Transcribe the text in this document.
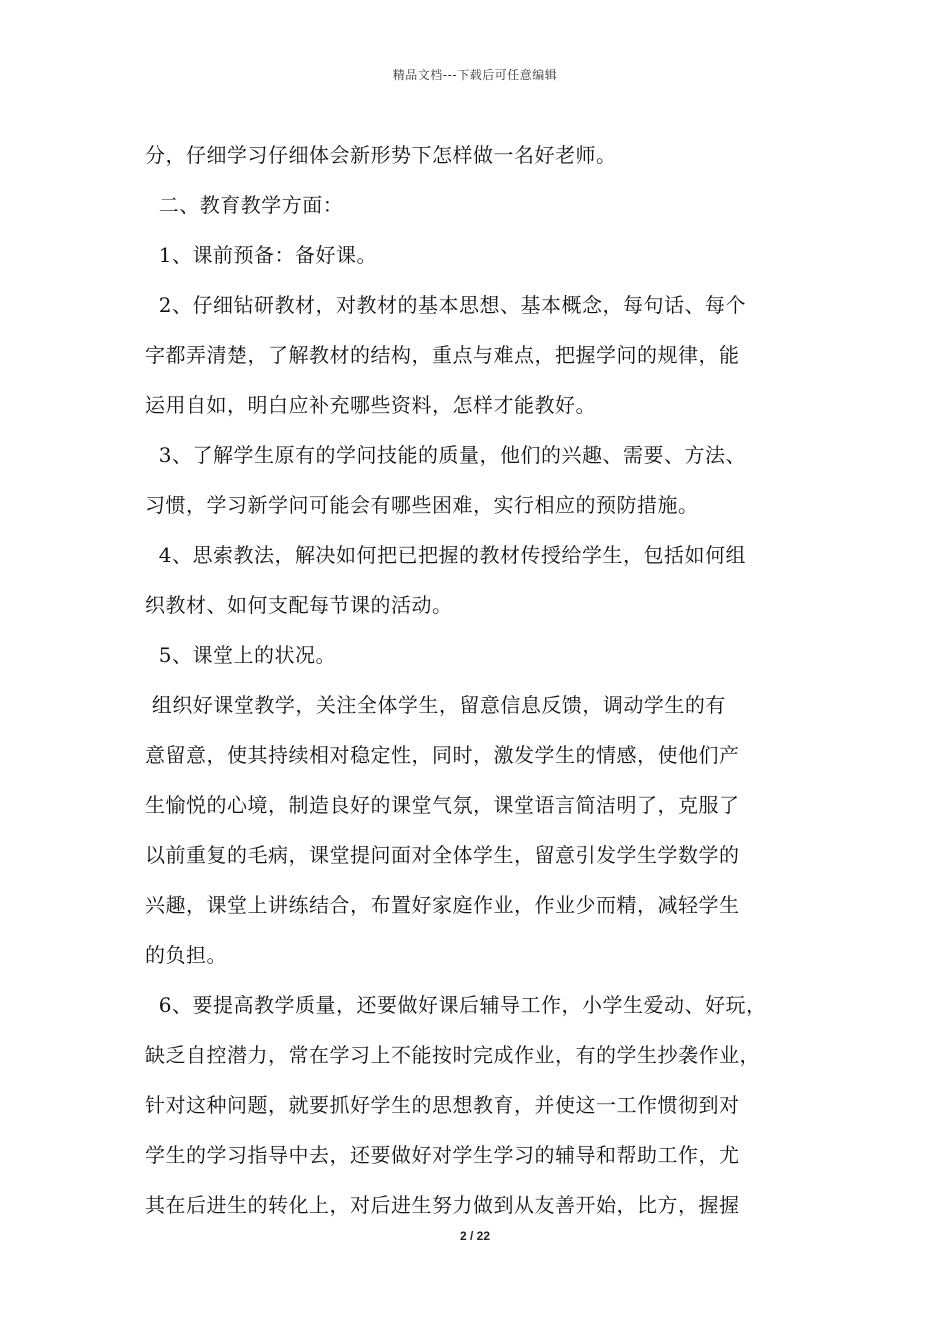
精品文档---下载后可任意编辑
分，仔细学习仔细体会新形势下怎样做一名好老师。
二、教育教学方面：
1、课前预备：备好课。
2、仔细钻研教材，对教材的基本思想、基本概念，每句话、每个
字都弄清楚，了解教材的结构，重点与难点，把握学问的规律，能
运用自如，明白应补充哪些资料，怎样才能教好。
3、了解学生原有的学问技能的质量，他们的兴趣、需要、方法、
习惯，学习新学问可能会有哪些困难，实行相应的预防措施。
4、思索教法，解决如何把已把握的教材传授给学生，包括如何组
织教材、如何支配每节课的活动。
5、课堂上的状况。
组织好课堂教学，关注全体学生，留意信息反馈，调动学生的有
意留意，使其持续相对稳定性，同时，激发学生的情感，使他们产
生愉悦的心境，制造良好的课堂气氛，课堂语言简洁明了，克服了
以前重复的毛病，课堂提问面对全体学生，留意引发学生学数学的
兴趣，课堂上讲练结合，布置好家庭作业，作业少而精，减轻学生
的负担。
6、要提高教学质量，还要做好课后辅导工作，小学生爱动、好玩，
缺乏自控潜力，常在学习上不能按时完成作业，有的学生抄袭作业，
针对这种问题，就要抓好学生的思想教育，并使这一工作惯彻到对
学生的学习指导中去，还要做好对学生学习的辅导和帮助工作，尤
其在后进生的转化上，对后进生努力做到从友善开始，比方，握握
2 / 22
